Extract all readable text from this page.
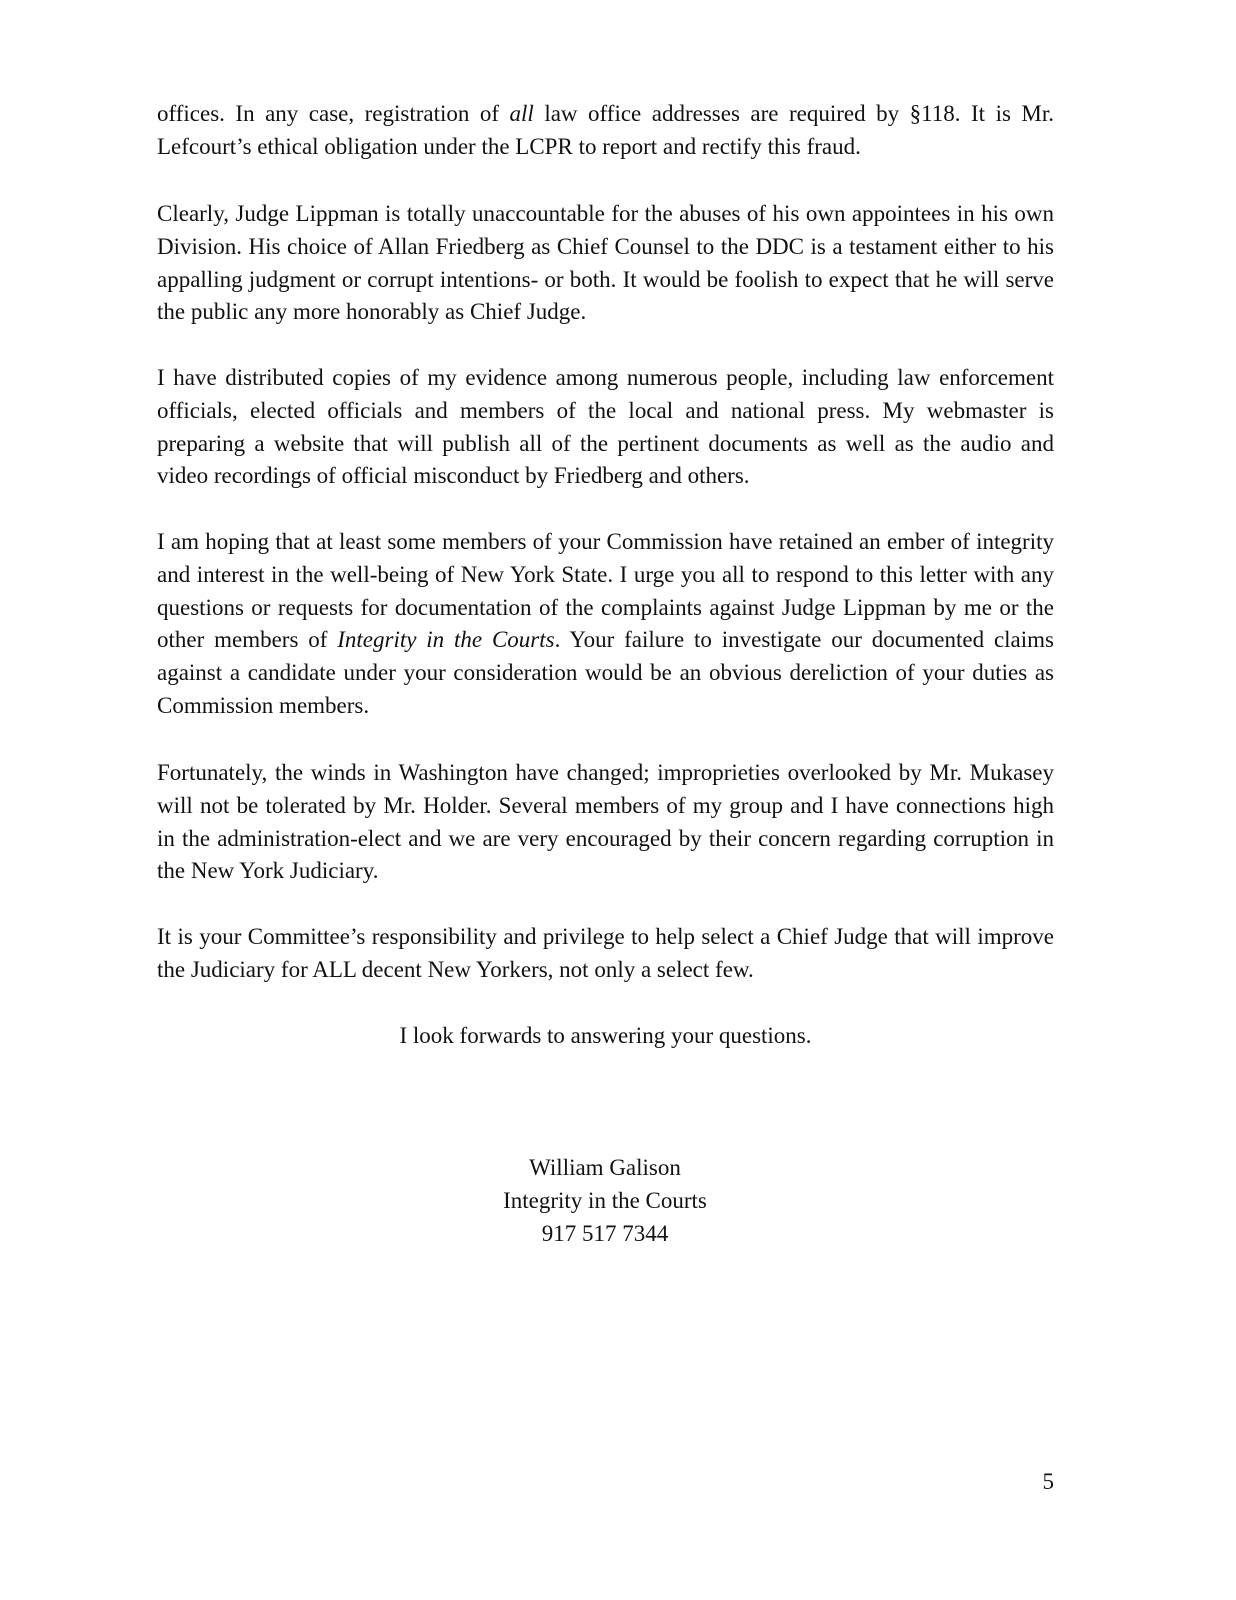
offices. In any case, registration of all law office addresses are required by §118. It is Mr. Lefcourt’s ethical obligation under the LCPR to report and rectify this fraud.

Clearly, Judge Lippman is totally unaccountable for the abuses of his own appointees in his own Division. His choice of Allan Friedberg as Chief Counsel to the DDC is a testament either to his appalling judgment or corrupt intentions- or both. It would be foolish to expect that he will serve the public any more honorably as Chief Judge.

I have distributed copies of my evidence among numerous people, including law enforcement officials, elected officials and members of the local and national press. My webmaster is preparing a website that will publish all of the pertinent documents as well as the audio and video recordings of official misconduct by Friedberg and others.

I am hoping that at least some members of your Commission have retained an ember of integrity and interest in the well-being of New York State. I urge you all to respond to this letter with any questions or requests for documentation of the complaints against Judge Lippman by me or the other members of Integrity in the Courts. Your failure to investigate our documented claims against a candidate under your consideration would be an obvious dereliction of your duties as Commission members.

Fortunately, the winds in Washington have changed; improprieties overlooked by Mr. Mukasey will not be tolerated by Mr. Holder. Several members of my group and I have connections high in the administration-elect and we are very encouraged by their concern regarding corruption in the New York Judiciary.

It is your Committee’s responsibility and privilege to help select a Chief Judge that will improve the Judiciary for ALL decent New Yorkers, not only a select few.

I look forwards to answering your questions.

William Galison
Integrity in the Courts
917 517 7344
5
